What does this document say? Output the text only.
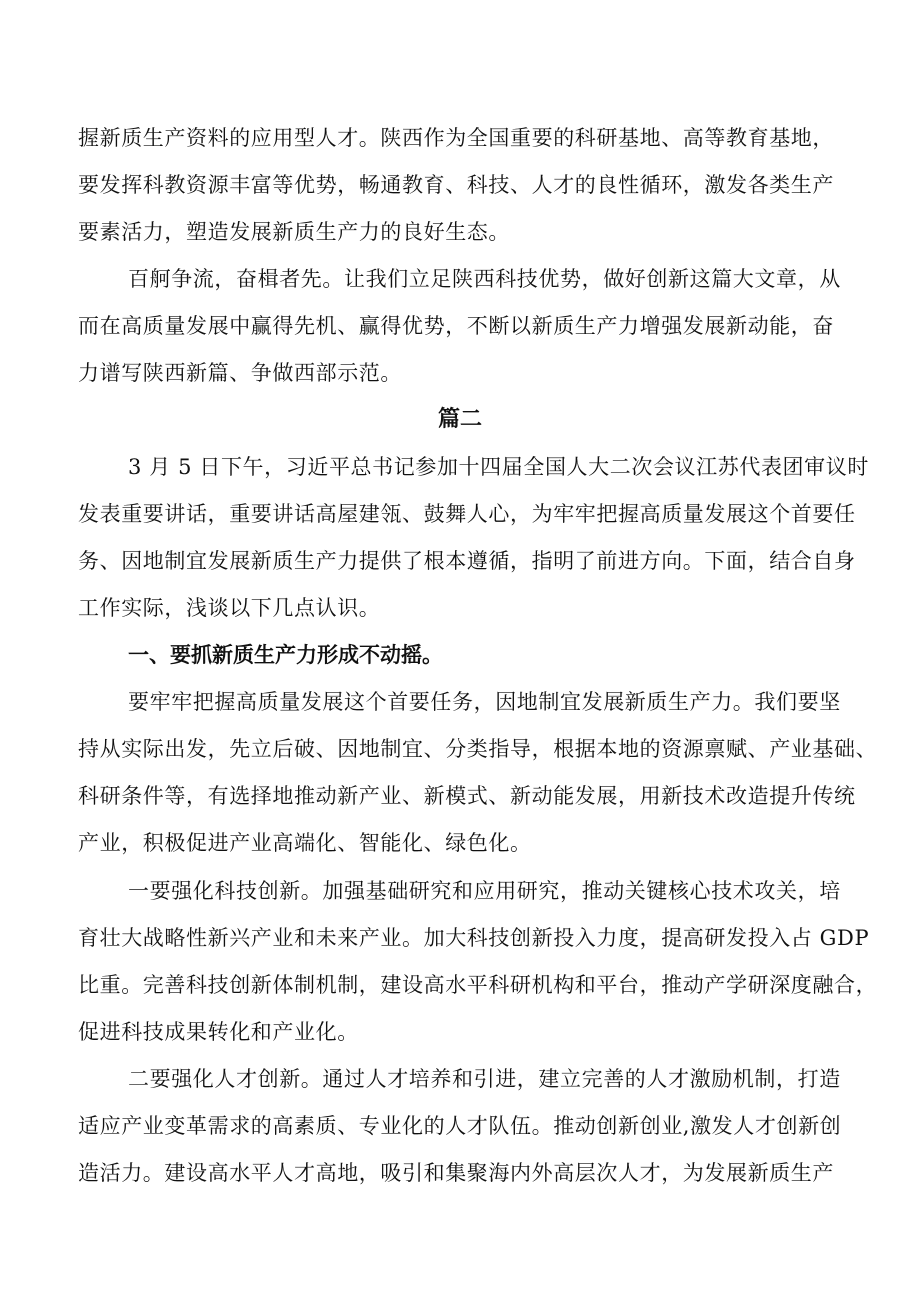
握新质生产资料的应用型人才。陕西作为全国重要的科研基地、高等教育基地，
要发挥科教资源丰富等优势，畅通教育、科技、人才的良性循环，激发各类生产
要素活力，塑造发展新质生产力的良好生态。
百舸争流，奋楫者先。让我们立足陕西科技优势，做好创新这篇大文章，从
而在高质量发展中赢得先机、赢得优势，不断以新质生产力增强发展新动能，奋
力谱写陕西新篇、争做西部示范。
篇二
3 月 5 日下午，习近平总书记参加十四届全国人大二次会议江苏代表团审议时
发表重要讲话，重要讲话高屋建瓴、鼓舞人心，为牢牢把握高质量发展这个首要任
务、因地制宜发展新质生产力提供了根本遵循，指明了前进方向。下面，结合自身
工作实际，浅谈以下几点认识。
一、要抓新质生产力形成不动摇。
要牢牢把握高质量发展这个首要任务，因地制宜发展新质生产力。我们要坚
持从实际出发，先立后破、因地制宜、分类指导，根据本地的资源禀赋、产业基础、
科研条件等，有选择地推动新产业、新模式、新动能发展，用新技术改造提升传统
产业，积极促进产业高端化、智能化、绿色化。
一要强化科技创新。加强基础研究和应用研究，推动关键核心技术攻关，培
育壮大战略性新兴产业和未来产业。加大科技创新投入力度，提高研发投入占 GDP
比重。完善科技创新体制机制，建设高水平科研机构和平台，推动产学研深度融合，
促进科技成果转化和产业化。
二要强化人才创新。通过人才培养和引进，建立完善的人才激励机制，打造
适应产业变革需求的高素质、专业化的人才队伍。推动创新创业,激发人才创新创
造活力。建设高水平人才高地，吸引和集聚海内外高层次人才，为发展新质生产
